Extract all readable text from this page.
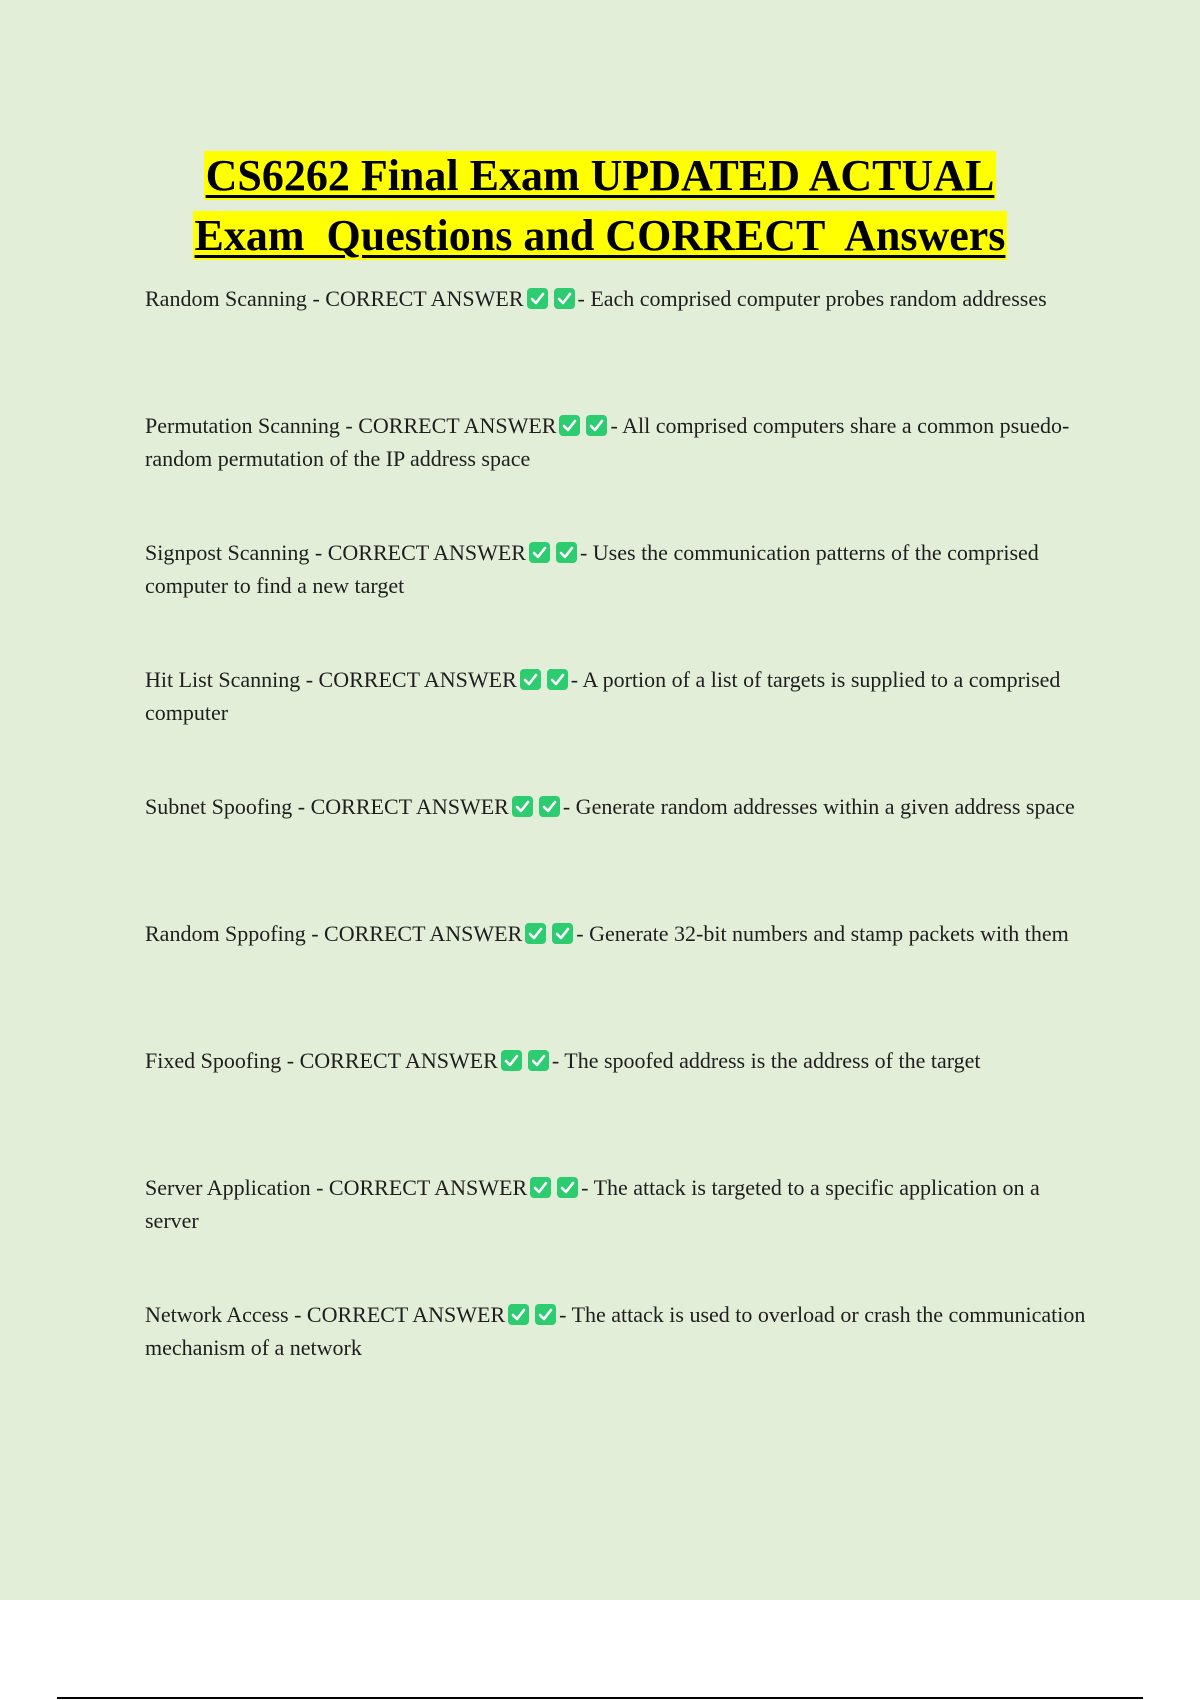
CS6262 Final Exam UPDATED ACTUAL
Exam  Questions and CORRECT  Answers
Random Scanning - CORRECT ANSWER - Each comprised computer probes random addresses
Permutation Scanning - CORRECT ANSWER - All comprised computers share a common psuedo-random permutation of the IP address space
Signpost Scanning - CORRECT ANSWER - Uses the communication patterns of the comprised computer to find a new target
Hit List Scanning - CORRECT ANSWER - A portion of a list of targets is supplied to a comprised computer
Subnet Spoofing - CORRECT ANSWER - Generate random addresses within a given address space
Random Sppofing - CORRECT ANSWER - Generate 32-bit numbers and stamp packets with them
Fixed Spoofing - CORRECT ANSWER - The spoofed address is the address of the target
Server Application - CORRECT ANSWER - The attack is targeted to a specific application on a server
Network Access - CORRECT ANSWER - The attack is used to overload or crash the communication mechanism of a network
